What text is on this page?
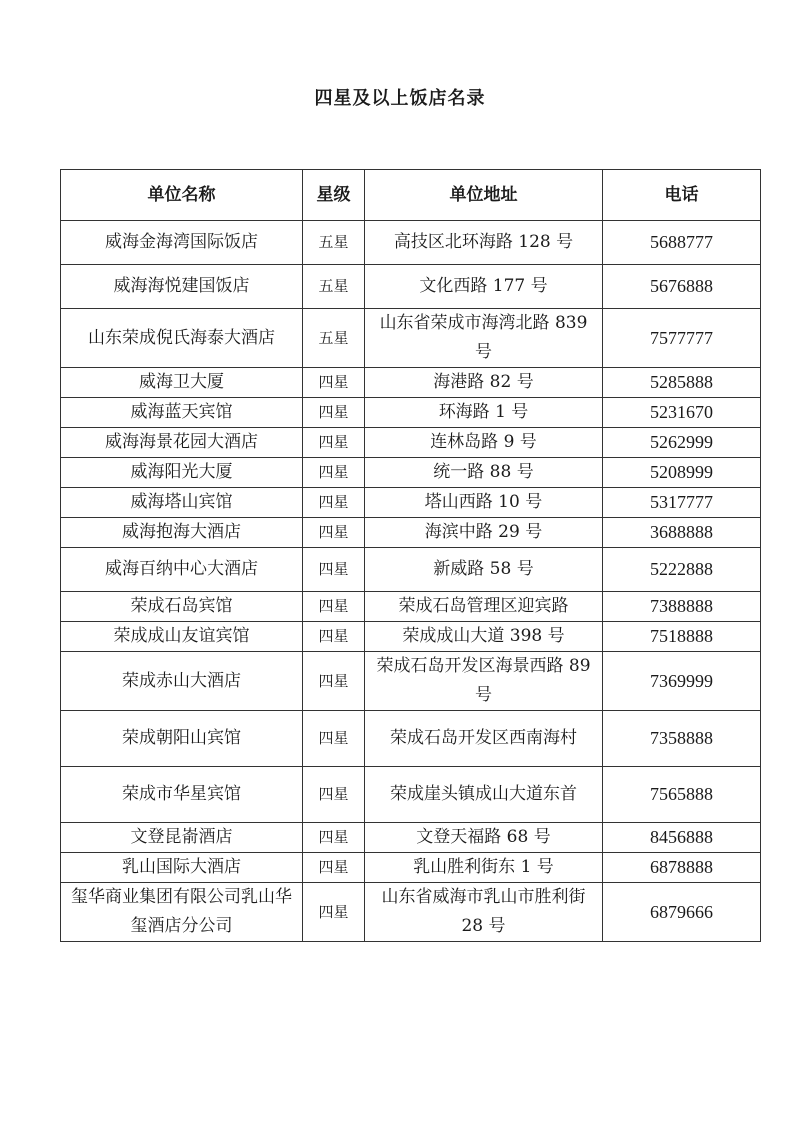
四星及以上饭店名录
单位名称	星级	单位地址	电话
威海金海湾国际饭店	五星	高技区北环海路 128 号	5688777
威海海悦建国饭店	五星	文化西路 177 号	5676888
山东荣成倪氏海泰大酒店	五星	山东省荣成市海湾北路 839 号	7577777
威海卫大厦	四星	海港路 82 号	5285888
威海蓝天宾馆	四星	环海路 1 号	5231670
威海海景花园大酒店	四星	连林岛路 9 号	5262999
威海阳光大厦	四星	统一路 88 号	5208999
威海塔山宾馆	四星	塔山西路 10 号	5317777
威海抱海大酒店	四星	海滨中路 29 号	3688888
威海百纳中心大酒店	四星	新威路 58 号	5222888
荣成石岛宾馆	四星	荣成石岛管理区迎宾路	7388888
荣成成山友谊宾馆	四星	荣成成山大道 398 号	7518888
荣成赤山大酒店	四星	荣成石岛开发区海景西路 89 号	7369999
荣成朝阳山宾馆	四星	荣成石岛开发区西南海村	7358888
荣成市华星宾馆	四星	荣成崖头镇成山大道东首	7565888
文登昆嵛酒店	四星	文登天福路 68 号	8456888
乳山国际大酒店	四星	乳山胜利街东 1 号	6878888
玺华商业集团有限公司乳山华玺酒店分公司	四星	山东省威海市乳山市胜利街 28 号	6879666
